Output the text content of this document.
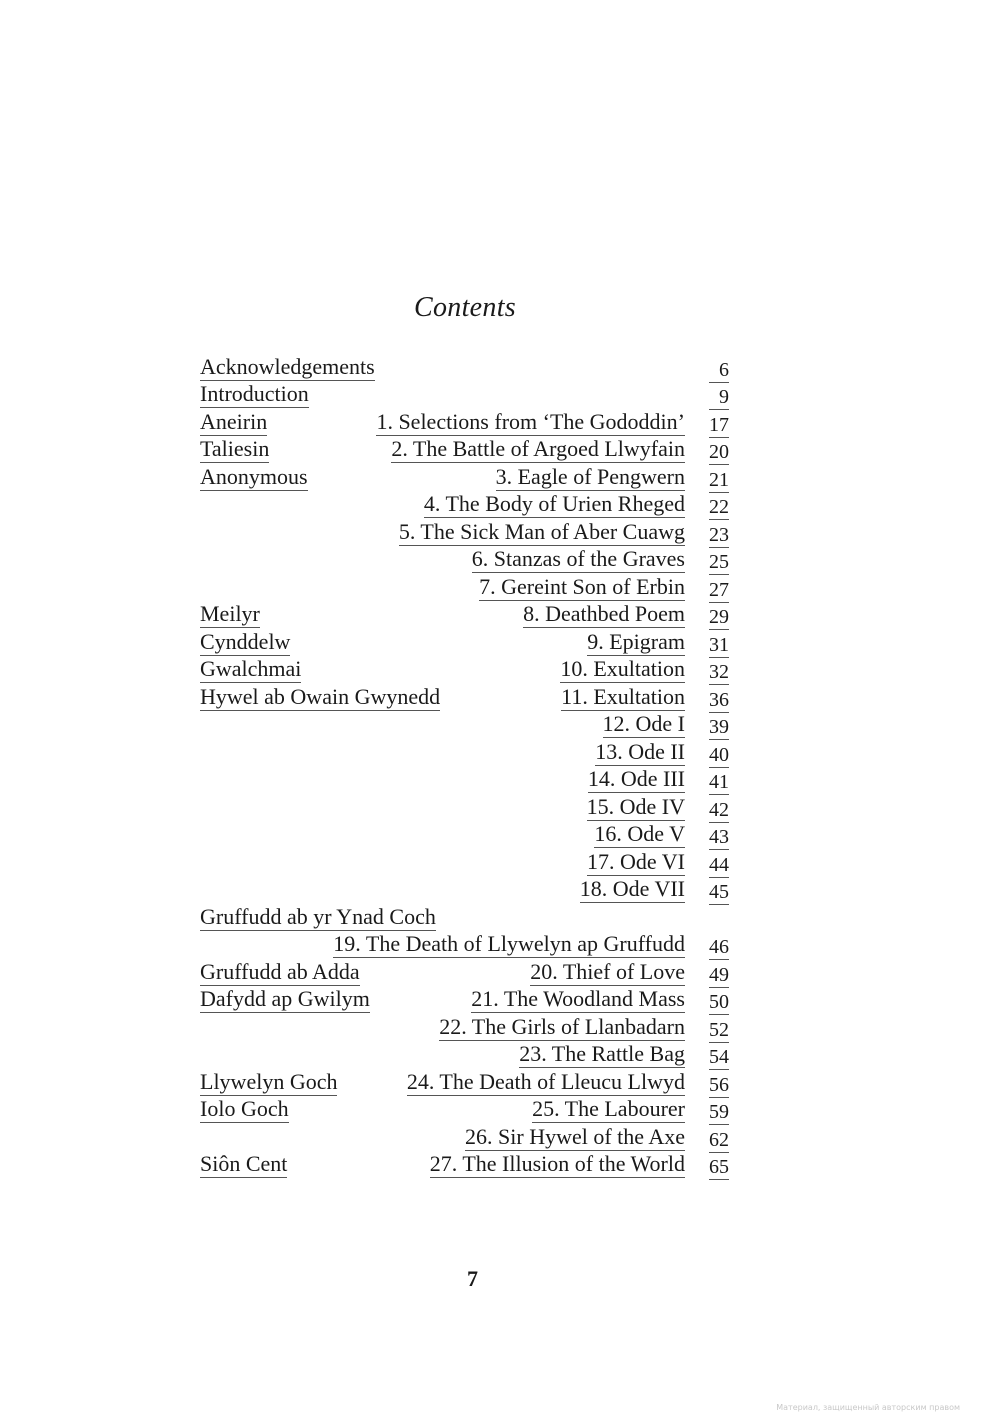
Contents
Acknowledgements	6
Introduction	9
Aneirin	1. Selections from ‘The Gododdin’ 17
Taliesin	2. The Battle of Argoed Llwyfain 20
Anonymous	3. Eagle of Pengwern 21
4. The Body of Urien Rheged 22
5. The Sick Man of Aber Cuawg 23
6. Stanzas of the Graves 25
7. Gereint Son of Erbin 27
Meilyr	8. Deathbed Poem 29
Cynddelw	9. Epigram 31
Gwalchmai	10. Exultation 32
Hywel ab Owain Gwynedd	11. Exultation 36
12. Ode I 39
13. Ode II 40
14. Ode III 41
15. Ode IV 42
16. Ode V 43
17. Ode VI 44
18. Ode VII 45
Gruffudd ab yr Ynad Coch
19. The Death of Llywelyn ap Gruffudd 46
Gruffudd ab Adda	20. Thief of Love 49
Dafydd ap Gwilym	21. The Woodland Mass 50
22. The Girls of Llanbadarn 52
23. The Rattle Bag 54
Llywelyn Goch	24. The Death of Lleucu Llwyd 56
Iolo Goch	25. The Labourer 59
26. Sir Hywel of the Axe 62
Siôn Cent	27. The Illusion of the World 65
7
Материал, защищенный авторским правом
